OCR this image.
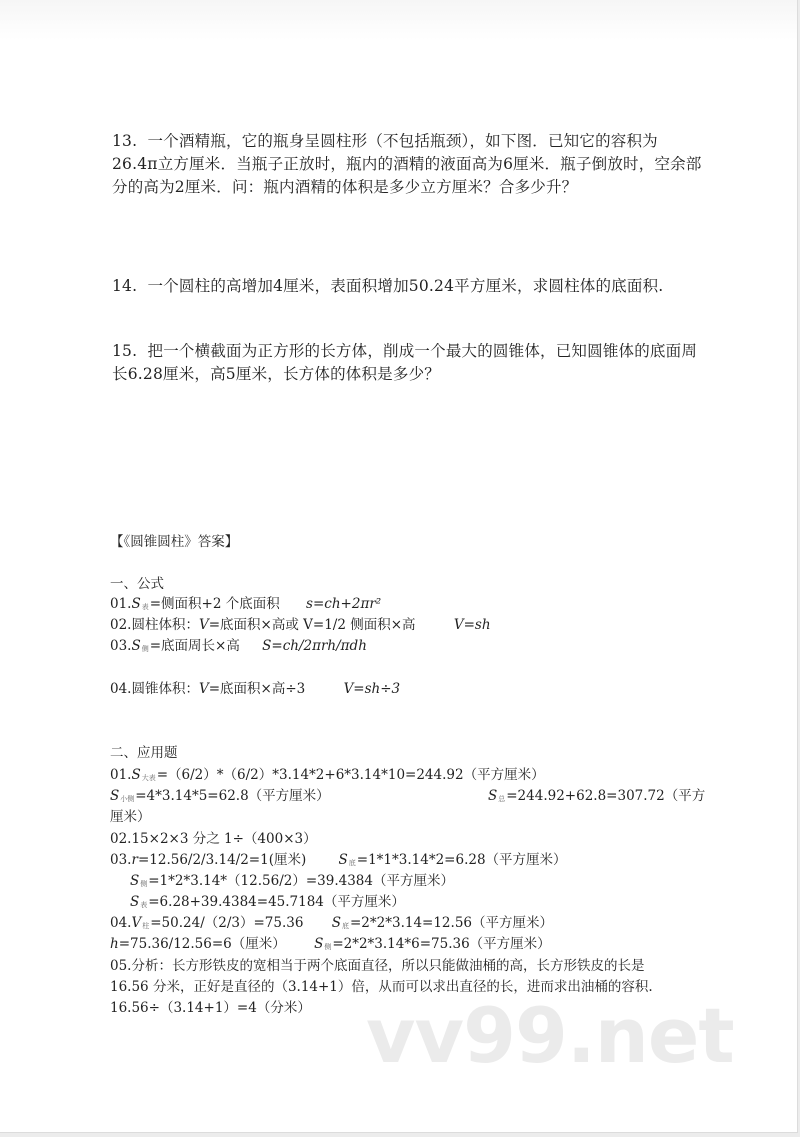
13. 一个酒精瓶，它的瓶身呈圆柱形（不包括瓶颈），如下图．已知它的容积为26.4π立方厘米．当瓶子正放时，瓶内的酒精的液面高为6厘米．瓶子倒放时，空余部分的高为2厘米．问：瓶内酒精的体积是多少立方厘米？合多少升？
14. 一个圆柱的高增加4厘米，表面积增加50.24平方厘米，求圆柱体的底面积.
15. 把一个横截面为正方形的长方体，削成一个最大的圆锥体，已知圆锥体的底面周长6.28厘米，高5厘米，长方体的体积是多少？
【《圆锥圆柱》答案】
一、公式
01.S表=侧面积+2 个底面积 s=ch+2πr²
02.圆柱体积：V=底面积×高或 V=1/2 侧面积×高	V=sh
03.S侧=底面周长×高 S=ch/2πrh/πdh
04.圆锥体积：V=底面积×高÷3	V=sh÷3
二、应用题
01.S大表=（6/2）*（6/2）*3.14*2+6*3.14*10=244.92（平方厘米）
S小侧=4*3.14*5=62.8（平方厘米）	S总=244.92+62.8=307.72（平方
厘米）
02.15×2×3 分之 1÷（400×3）
03.r=12.56/2/3.14/2=1(厘米) S底=1*1*3.14*2=6.28（平方厘米）
S侧=1*2*3.14*（12.56/2）=39.4384（平方厘米）
S表=6.28+39.4384=45.7184（平方厘米）
04.V柱=50.24/（2/3）=75.36 S底=2*2*3.14=12.56（平方厘米）
h=75.36/12.56=6（厘米） S侧=2*2*3.14*6=75.36（平方厘米）
05.分析：长方形铁皮的宽相当于两个底面直径，所以只能做油桶的高，长方形铁皮的长是
16.56 分米，正好是直径的（3.14+1）倍，从而可以求出直径的长，进而求出油桶的容积.
16.56÷（3.14+1）=4（分米） vv99.net
